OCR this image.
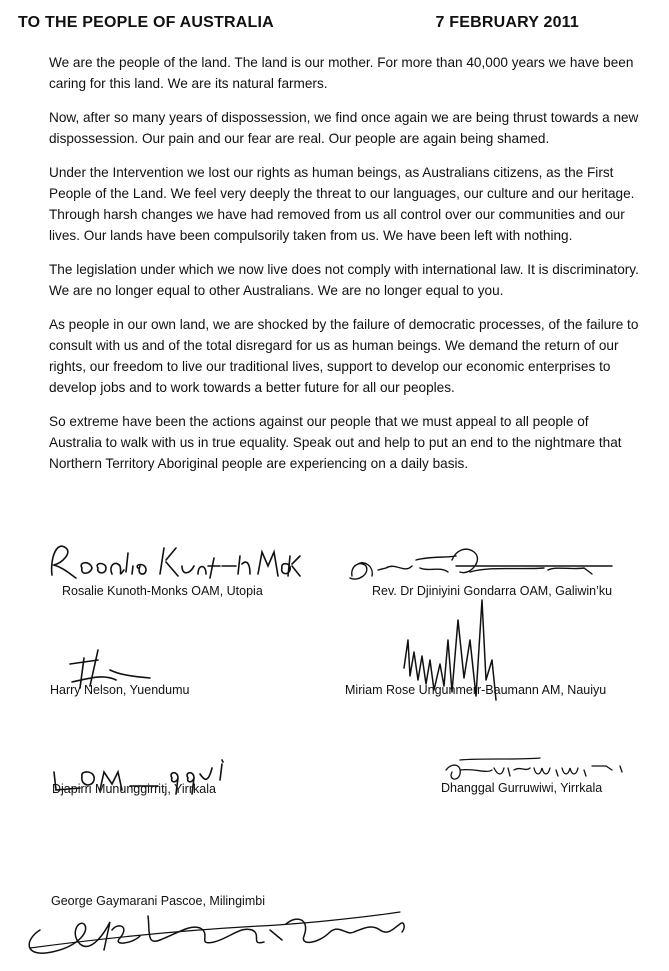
TO THE PEOPLE OF AUSTRALIA	7 FEBRUARY 2011

We are the people of the land. The land is our mother. For more than 40,000 years we have been caring for this land. We are its natural farmers.

Now, after so many years of dispossession, we find once again we are being thrust towards a new dispossession. Our pain and our fear are real. Our people are again being shamed.

Under the Intervention we lost our rights as human beings, as Australians citizens, as the First People of the Land. We feel very deeply the threat to our languages, our culture and our heritage. Through harsh changes we have had removed from us all control over our communities and our lives. Our lands have been compulsorily taken from us. We have been left with nothing.

The legislation under which we now live does not comply with international law. It is discriminatory. We are no longer equal to other Australians. We are no longer equal to you.

As people in our own land, we are shocked by the failure of democratic processes, of the failure to consult with us and of the total disregard for us as human beings. We demand the return of our rights, our freedom to live our traditional lives, support to develop our economic enterprises to develop jobs and to work towards a better future for all our peoples.

So extreme have been the actions against our people that we must appeal to all people of Australia to walk with us in true equality. Speak out and help to put an end to the nightmare that Northern Territory Aboriginal people are experiencing on a daily basis.

Rosalie Kunoth-Monks OAM, Utopia	Rev. Dr Djiniyini Gondarra OAM, Galiwin’ku
Harry Nelson, Yuendumu	Miriam Rose Ungunmerr-Baumann AM, Nauiyu
Djapirri Mununggirritj, Yirrkala	Dhanggal Gurruwiwi, Yirrkala
George Gaymarani Pascoe, Milingimbi
